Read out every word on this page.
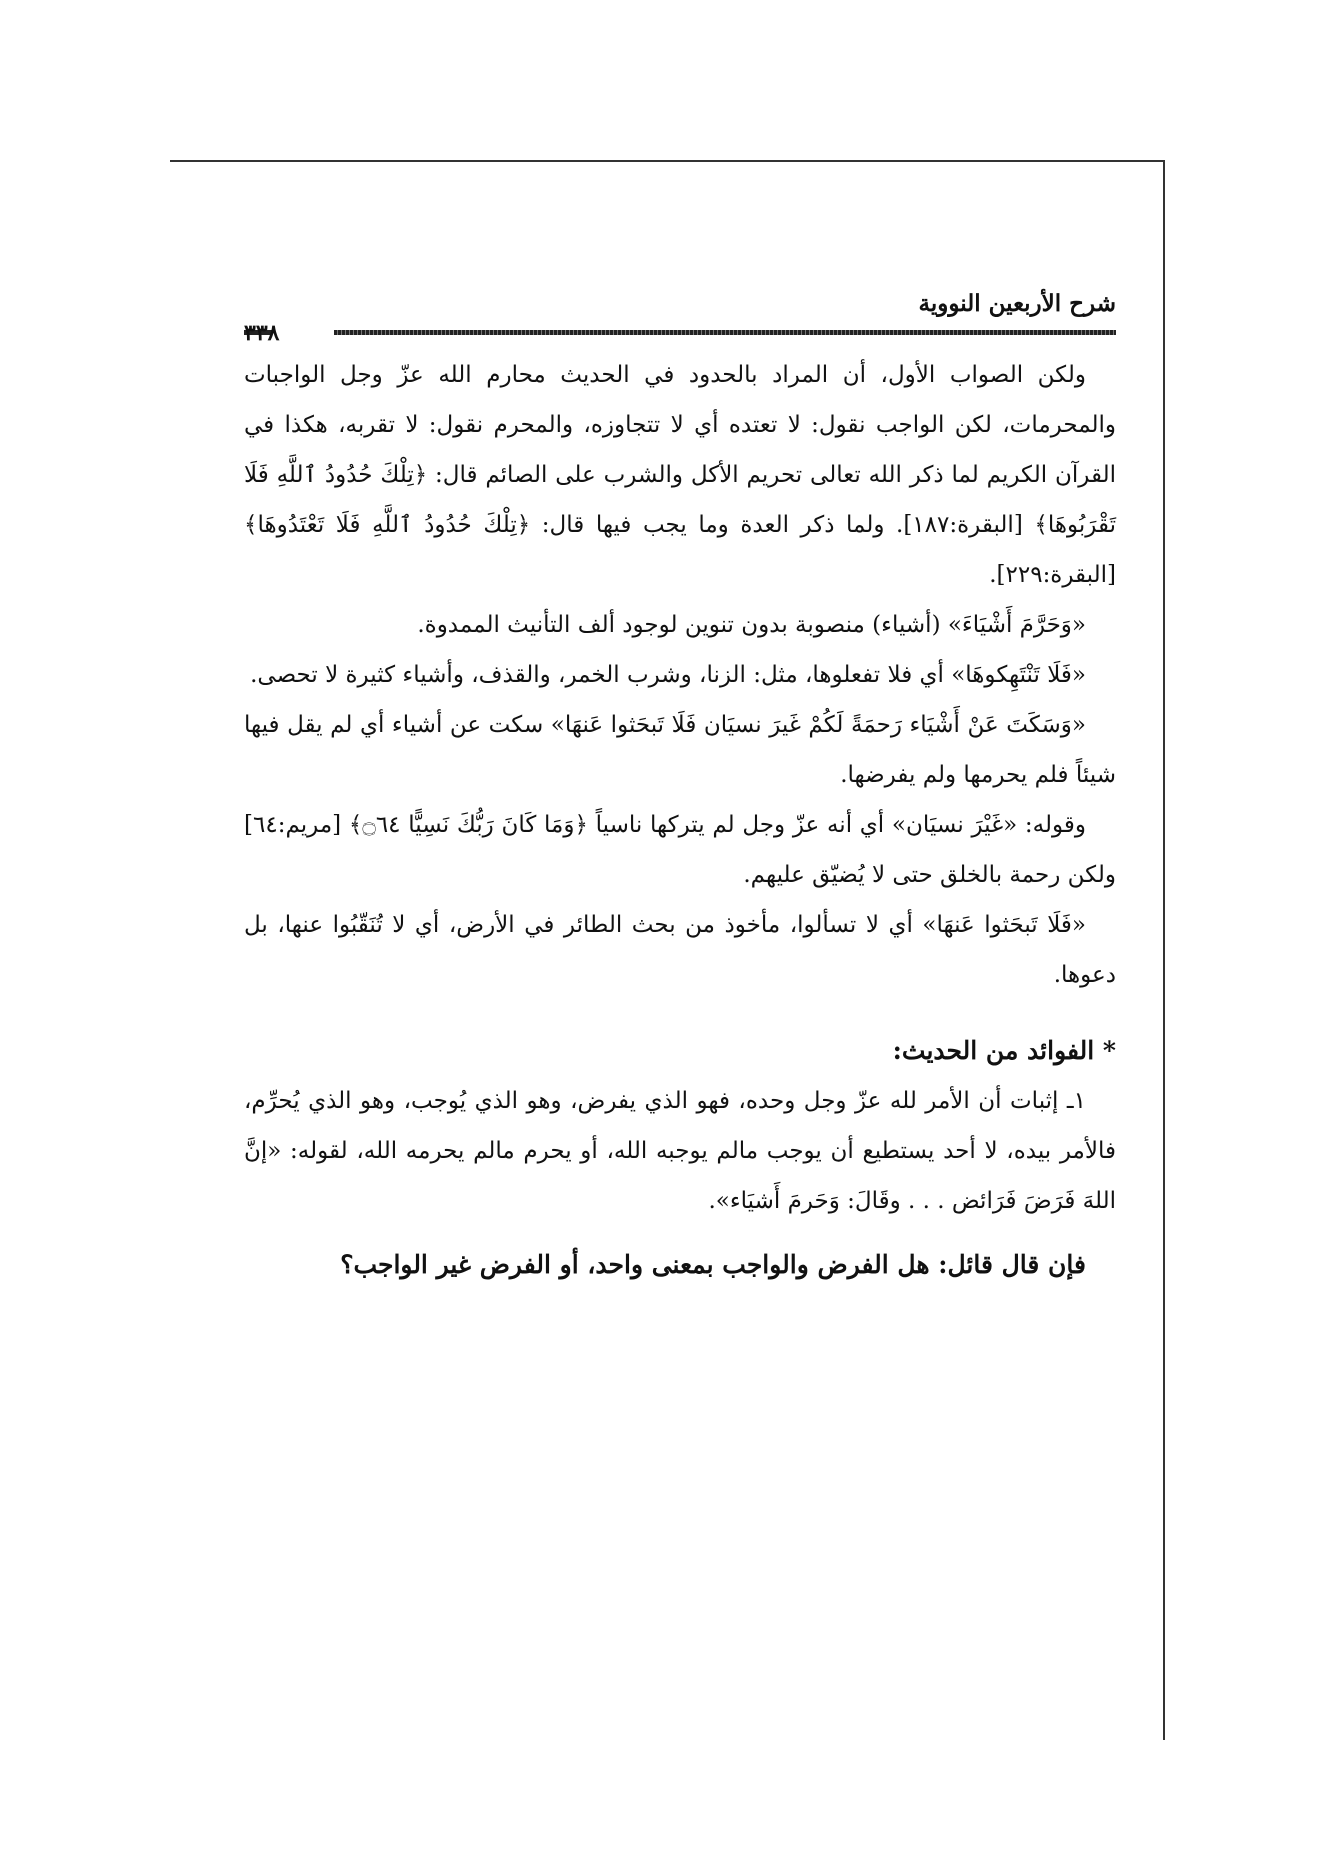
شرح الأربعين النووية
٣٣٨

ولكن الصواب الأول، أن المراد بالحدود في الحديث محارم الله عزّ وجل الواجبات والمحرمات، لكن الواجب نقول: لا تعتده أي لا تتجاوزه، والمحرم نقول: لا تقربه، هكذا في القرآن الكريم لما ذكر الله تعالى تحريم الأكل والشرب على الصائم قال: ﴿تِلْكَ حُدُودُ ٱللَّهِ فَلَا تَقْرَبُوهَا﴾ [البقرة:١٨٧]. ولما ذكر العدة وما يجب فيها قال: ﴿تِلْكَ حُدُودُ ٱللَّهِ فَلَا تَعْتَدُوهَا﴾ [البقرة:٢٢٩].

«وَحَرَّمَ أَشْيَاءَ» (أشياء) منصوبة بدون تنوين لوجود ألف التأنيث الممدوة.

«فَلَا تَنْتَهِكوهَا» أي فلا تفعلوها، مثل: الزنا، وشرب الخمر، والقذف، وأشياء كثيرة لا تحصى.

«وَسَكَتَ عَنْ أَشْيَاء رَحمَةً لَكُمْ غَيرَ نسيَان فَلَا تَبحَثوا عَنهَا» سكت عن أشياء أي لم يقل فيها شيئاً فلم يحرمها ولم يفرضها.

وقوله: «غَيْرَ نسيَان» أي أنه عزّ وجل لم يتركها ناسياً ﴿وَمَا كَانَ رَبُّكَ نَسِيًّا ۝٦٤﴾ [مريم:٦٤] ولكن رحمة بالخلق حتى لا يُضيّق عليهم.

«فَلَا تَبحَثوا عَنهَا» أي لا تسألوا، مأخوذ من بحث الطائر في الأرض، أي لا تُنَقّبُوا عنها، بل دعوها.

* الفوائد من الحديث:

١ـ إثبات أن الأمر لله عزّ وجل وحده، فهو الذي يفرض، وهو الذي يُوجب، وهو الذي يُحرِّم، فالأمر بيده، لا أحد يستطيع أن يوجب مالم يوجبه الله، أو يحرم مالم يحرمه الله، لقوله: «إنَّ اللهَ فَرَضَ فَرَائض . . . وقَالَ: وَحَرمَ أَشيَاء».

فإن قال قائل: هل الفرض والواجب بمعنى واحد، أو الفرض غير الواجب؟
